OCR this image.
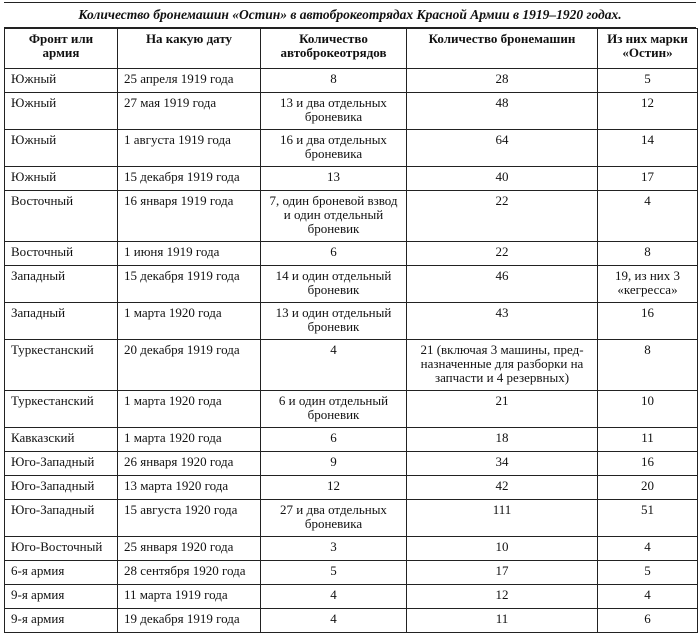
Количество бронемашин «Остин» в автоброкеотрядах Красной Армии в 1919–1920 годах.
Фронт или армия	На какую дату	Количество автоброкеотрядов	Количество бронемашин	Из них марки «Остин»
Южный	25 апреля 1919 года	8	28	5
Южный	27 мая 1919 года	13 и два отдельных броневика	48	12
Южный	1 августа 1919 года	16 и два отдельных броневика	64	14
Южный	15 декабря 1919 года	13	40	17
Восточный	16 января 1919 года	7, один броневой взвод и один отдельный броневик	22	4
Восточный	1 июня 1919 года	6	22	8
Западный	15 декабря 1919 года	14 и один отдельный броневик	46	19, из них 3 «кегресса»
Западный	1 марта 1920 года	13 и один отдельный броневик	43	16
Туркестанский	20 декабря 1919 года	4	21 (включая 3 машины, пред-назначенные для разборки на запчасти и 4 резервных)	8
Туркестанский	1 марта 1920 года	6 и один отдельный броневик	21	10
Кавказский	1 марта 1920 года	6	18	11
Юго-Западный	26 января 1920 года	9	34	16
Юго-Западный	13 марта 1920 года	12	42	20
Юго-Западный	15 августа 1920 года	27 и два отдельных броневика	111	51
Юго-Восточный	25 января 1920 года	3	10	4
6-я армия	28 сентября 1920 года	5	17	5
9-я армия	11 марта 1919 года	4	12	4
9-я армия	19 декабря 1919 года	4	11	6
